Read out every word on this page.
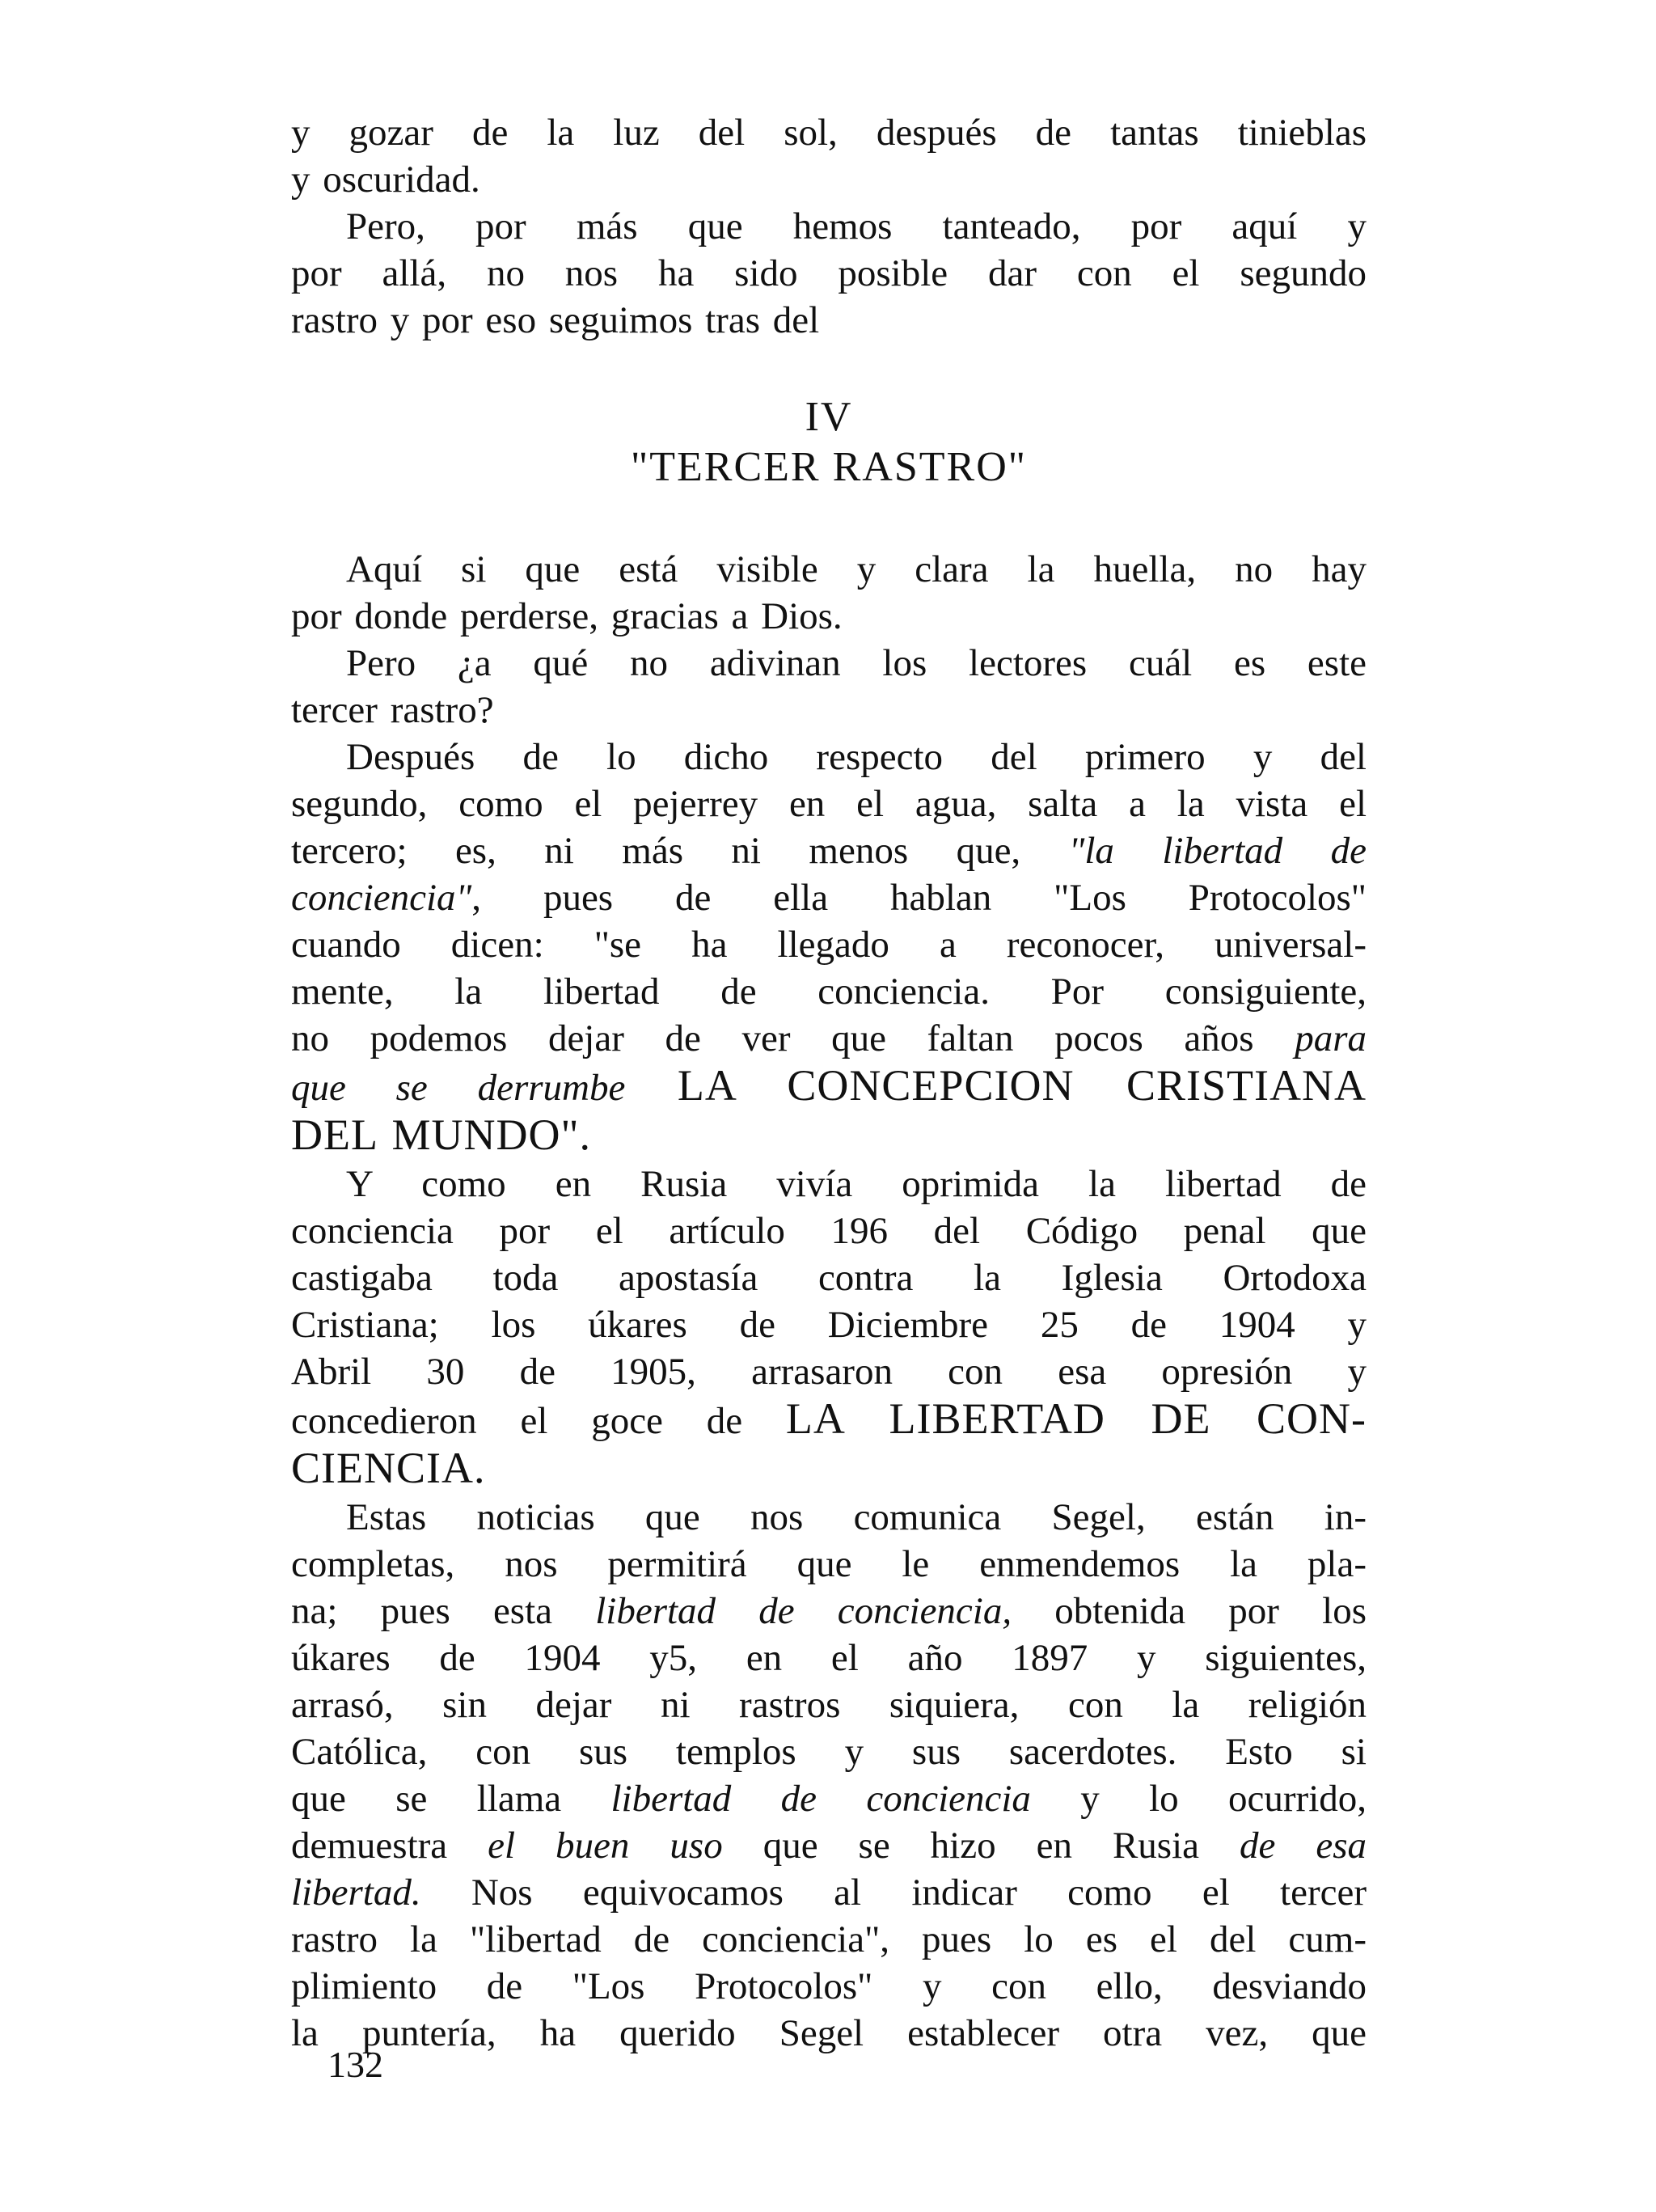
y gozar de la luz del sol, después de tantas tinieblas

y oscuridad.

Pero, por más que hemos tanteado, por aquí y

por allá, no nos ha sido posible dar con el segundo

rastro y por eso seguimos tras del

IV

"TERCER RASTRO"

Aquí si que está visible y clara la huella, no hay

por donde perderse, gracias a Dios.

Pero ¿a qué no adivinan los lectores cuál es este

tercer rastro?

Después de lo dicho respecto del primero y del

segundo, como el pejerrey en el agua, salta a la vista el

tercero; es, ni más ni menos que, "la libertad de

conciencia", pues de ella hablan "Los Protocolos"

cuando dicen: "se ha llegado a reconocer, universal-

mente, la libertad de conciencia. Por consiguiente,

no podemos dejar de ver que faltan pocos años para

que se derrumbe LA CONCEPCION CRISTIANA

DEL MUNDO".

Y como en Rusia vivía oprimida la libertad de

conciencia por el artículo 196 del Código penal que

castigaba toda apostasía contra la Iglesia Ortodoxa

Cristiana; los úkares de Diciembre 25 de 1904 y

Abril 30 de 1905, arrasaron con esa opresión y

concedieron el goce de LA LIBERTAD DE CON-

CIENCIA.

Estas noticias que nos comunica Segel, están in-

completas, nos permitirá que le enmendemos la pla-

na; pues esta libertad de conciencia, obtenida por los

úkares de 1904 y5, en el año 1897 y siguientes,

arrasó, sin dejar ni rastros siquiera, con la religión

Católica, con sus templos y sus sacerdotes. Esto si

que se llama libertad de conciencia y lo ocurrido,

demuestra el buen uso que se hizo en Rusia de esa

libertad. Nos equivocamos al indicar como el tercer

rastro la "libertad de conciencia", pues lo es el del cum-

plimiento de "Los Protocolos" y con ello, desviando

la puntería, ha querido Segel establecer otra vez, que

132
